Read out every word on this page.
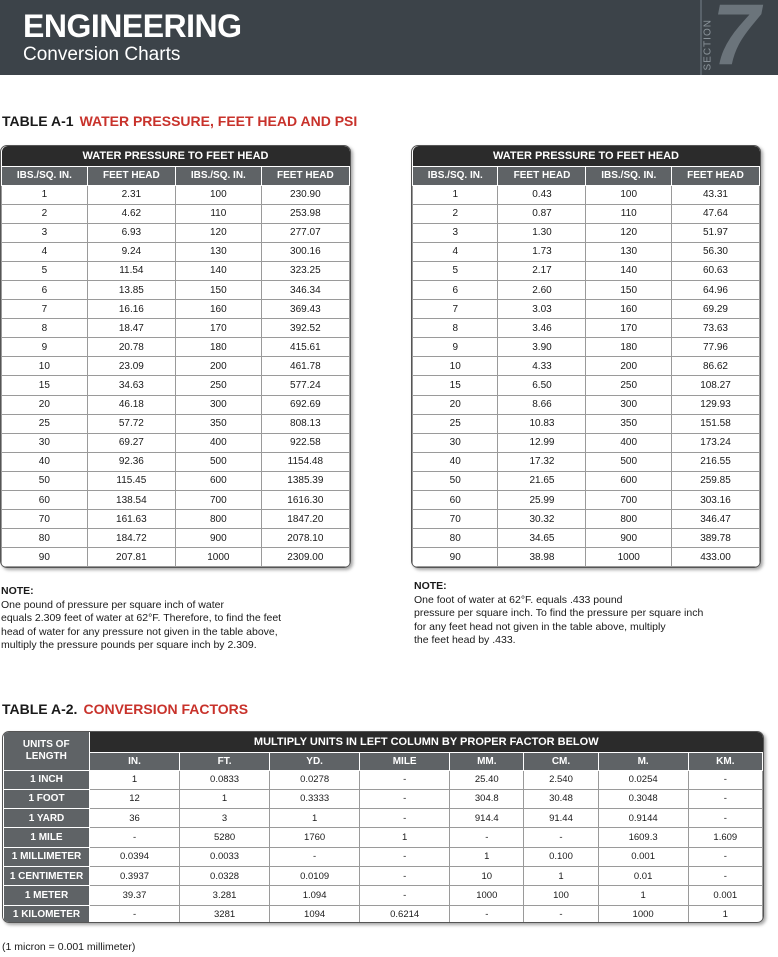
ENGINEERING
Conversion Charts	SECTION
7
TABLE A-1 WATER PRESSURE, FEET HEAD AND PSI
WATER PRESSURE TO FEET HEAD			
IBS./SQ. IN.	FEET HEAD	IBS./SQ. IN.	FEET HEAD
1	2.31	100	230.90
2	4.62	110	253.98
3	6.93	120	277.07
4	9.24	130	300.16
5	11.54	140	323.25
6	13.85	150	346.34
7	16.16	160	369.43
8	18.47	170	392.52
9	20.78	180	415.61
10	23.09	200	461.78
15	34.63	250	577.24
20	46.18	300	692.69
25	57.72	350	808.13
30	69.27	400	922.58
40	92.36	500	1154.48
50	115.45	600	1385.39
60	138.54	700	1616.30
70	161.63	800	1847.20
80	184.72	900	2078.10
90	207.81	1000	2309.00
WATER PRESSURE TO FEET HEAD			
IBS./SQ. IN.	FEET HEAD	IBS./SQ. IN.	FEET HEAD
1	0.43	100	43.31
2	0.87	110	47.64
3	1.30	120	51.97
4	1.73	130	56.30
5	2.17	140	60.63
6	2.60	150	64.96
7	3.03	160	69.29
8	3.46	170	73.63
9	3.90	180	77.96
10	4.33	200	86.62
15	6.50	250	108.27
20	8.66	300	129.93
25	10.83	350	151.58
30	12.99	400	173.24
40	17.32	500	216.55
50	21.65	600	259.85
60	25.99	700	303.16
70	30.32	800	346.47
80	34.65	900	389.78
90	38.98	1000	433.00
NOTE:
One pound of pressure per square inch of water
equals 2.309 feet of water at 62°F. Therefore, to find the feet
head of water for any pressure not given in the table above,
multiply the pressure pounds per square inch by 2.309.
NOTE:
One foot of water at 62°F. equals .433 pound
pressure per square inch. To find the pressure per square inch
for any feet head not given in the table above, multiply
the feet head by .433.
TABLE A-2. CONVERSION FACTORS
UNITS OF LENGTH	MULTIPLY UNITS IN LEFT COLUMN BY PROPER FACTOR BELOW							
	IN.	FT.	YD.	MILE	MM.	CM.	M.	KM.
1 INCH	1	0.0833	0.0278	-	25.40	2.540	0.0254	-
1 FOOT	12	1	0.3333	-	304.8	30.48	0.3048	-
1 YARD	36	3	1	-	914.4	91.44	0.9144	-
1 MILE	-	5280	1760	1	-	-	1609.3	1.609
1 MILLIMETER	0.0394	0.0033	-	-	1	0.100	0.001	-
1 CENTIMETER	0.3937	0.0328	0.0109	-	10	1	0.01	-
1 METER	39.37	3.281	1.094	-	1000	100	1	0.001
1 KILOMETER	-	3281	1094	0.6214	-	-	1000	1
(1 micron = 0.001 millimeter)
